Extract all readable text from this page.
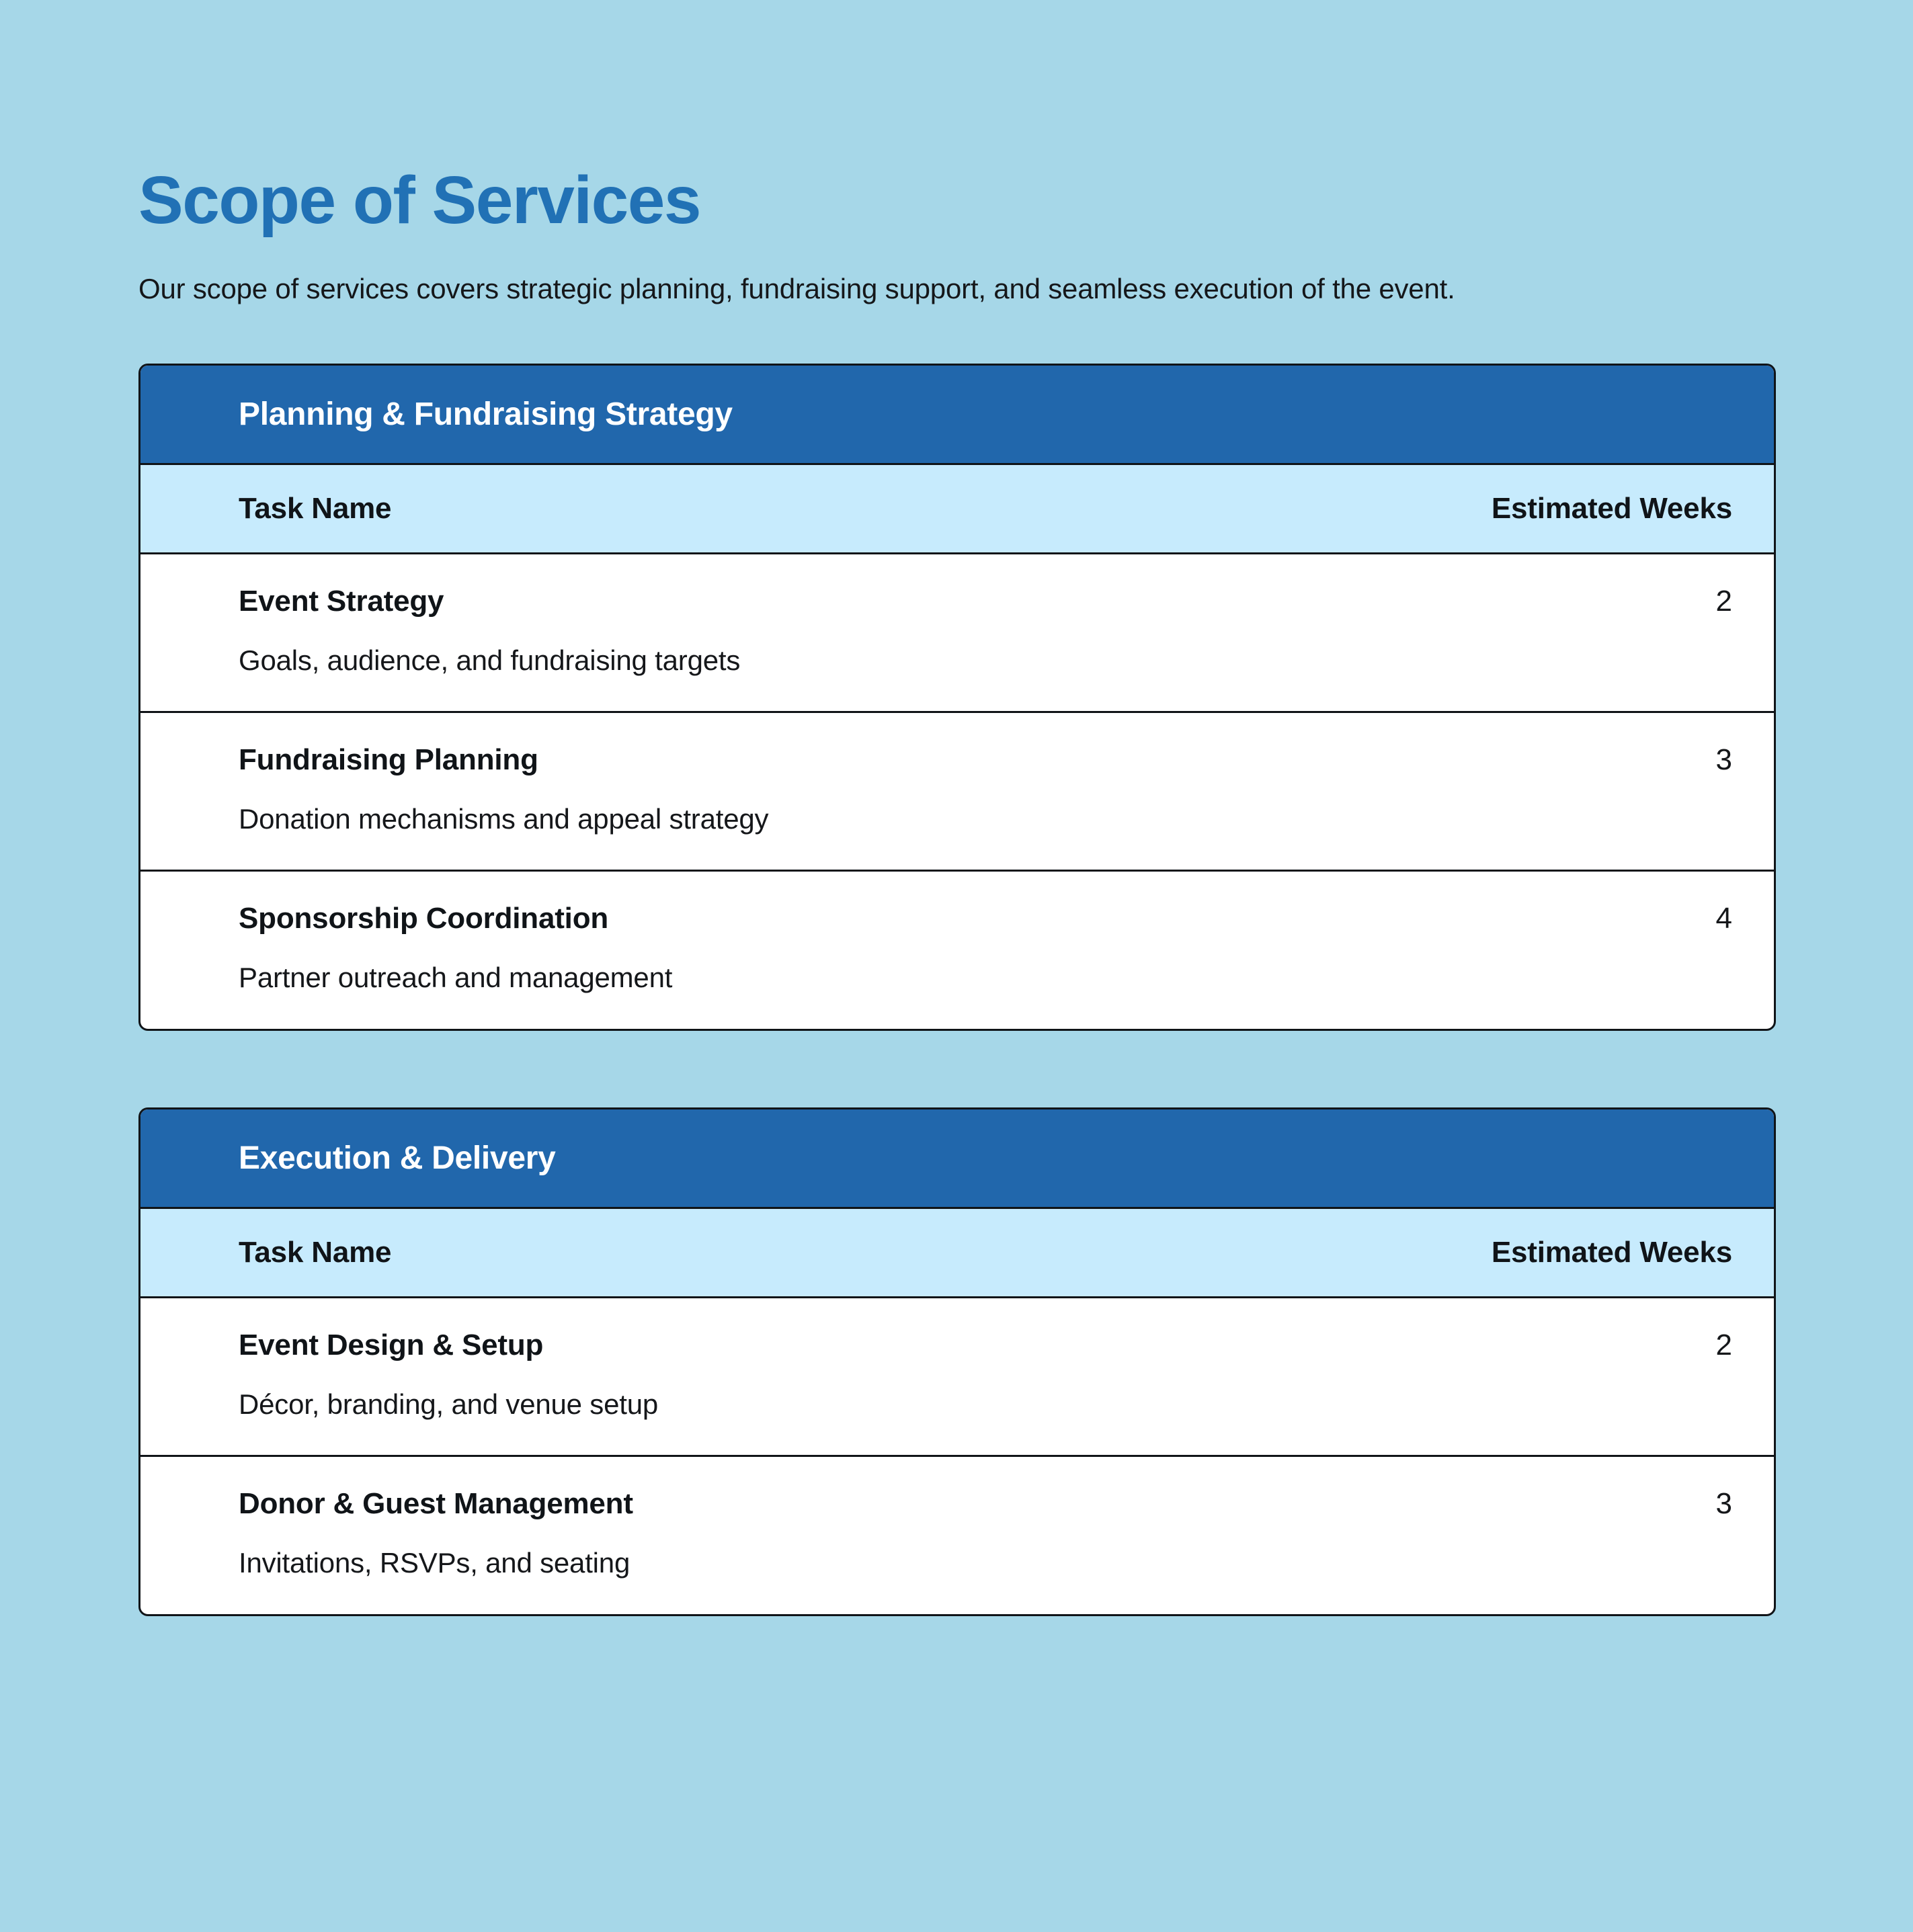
Scope of Services

Our scope of services covers strategic planning, fundraising support, and seamless execution of the event.

Planning & Fundraising Strategy
Task Name	Estimated Weeks

Event Strategy
Goals, audience, and fundraising targets	2

Fundraising Planning
Donation mechanisms and appeal strategy	3

Sponsorship Coordination
Partner outreach and management	4
Execution & Delivery
Task Name	Estimated Weeks

Event Design & Setup
Décor, branding, and venue setup	2

Donor & Guest Management
Invitations, RSVPs, and seating	3
